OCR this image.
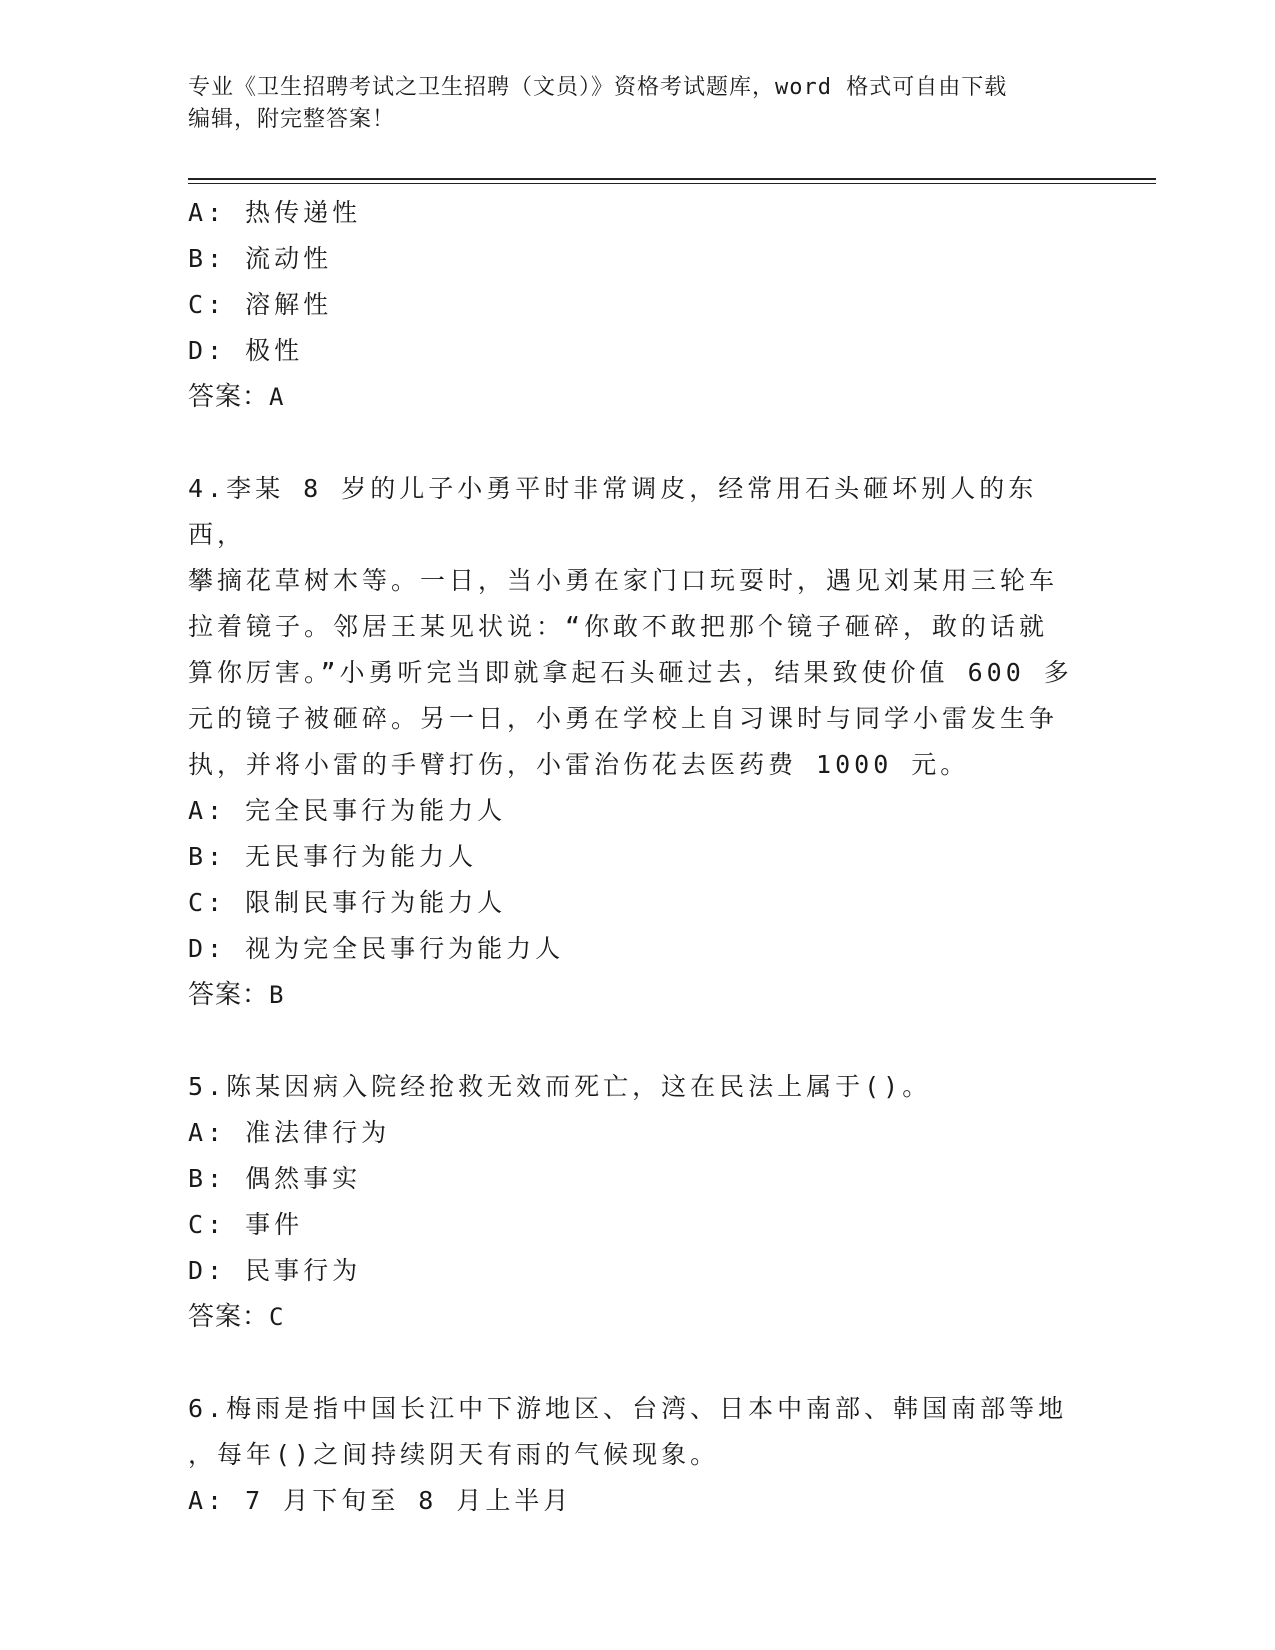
专业《卫生招聘考试之卫生招聘（文员）》资格考试题库，word 格式可自由下载
编辑，附完整答案！

A: 热传递性

B: 流动性

C: 溶解性

D: 极性

答案：A

4.李某 8 岁的儿子小勇平时非常调皮，经常用石头砸坏别人的东西，

攀摘花草树木等。一日，当小勇在家门口玩耍时，遇见刘某用三轮车

拉着镜子。邻居王某见状说：“你敢不敢把那个镜子砸碎，敢的话就

算你厉害。”小勇听完当即就拿起石头砸过去，结果致使价值 600 多

元的镜子被砸碎。另一日，小勇在学校上自习课时与同学小雷发生争

执，并将小雷的手臂打伤，小雷治伤花去医药费 1000 元。

A: 完全民事行为能力人

B: 无民事行为能力人

C: 限制民事行为能力人

D: 视为完全民事行为能力人

答案：B

5.陈某因病入院经抢救无效而死亡，这在民法上属于()。

A: 准法律行为

B: 偶然事实

C: 事件

D: 民事行为

答案：C

6.梅雨是指中国长江中下游地区、台湾、日本中南部、韩国南部等地

，每年()之间持续阴天有雨的气候现象。

A: 7 月下旬至 8 月上半月
